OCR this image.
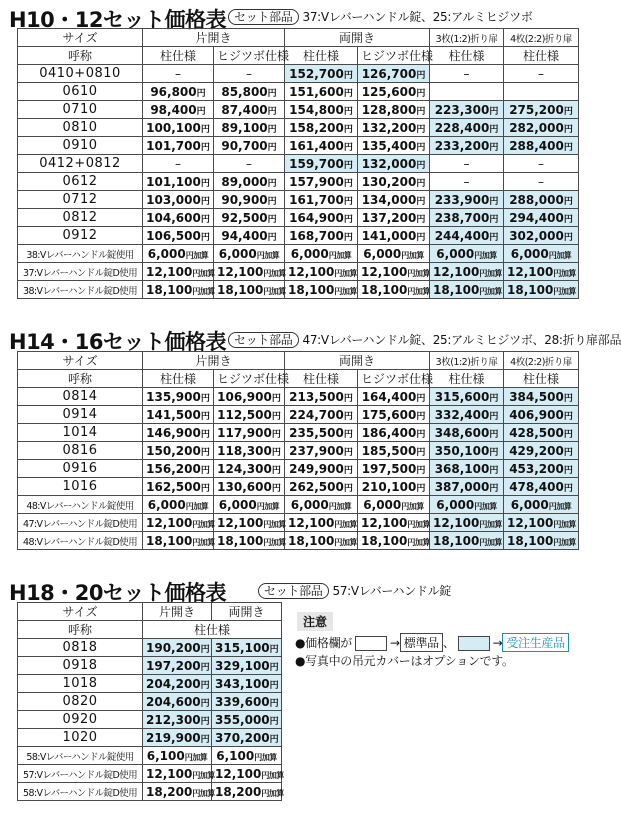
H10・12セット価格表 セット部品 37:Vレバーハンドル錠、25:アルミヒジツボ
サイズ	片開き		両開き		3枚(1:2)折り扉	4枚(2:2)折り扉
呼称	柱仕様	ヒジツボ仕様	柱仕様	ヒジツボ仕様	柱仕様	柱仕様
0410+0810	–	–	152,700円	126,700円	–	–
0610	96,800円	85,800円	151,600円	125,600円		
0710	98,400円	87,400円	154,800円	128,800円	223,300円	275,200円
0810	100,100円	89,100円	158,200円	132,200円	228,400円	282,000円
0910	101,700円	90,700円	161,400円	135,400円	233,200円	288,400円
0412+0812	–	–	159,700円	132,000円	–	–
0612	101,100円	89,000円	157,900円	130,200円	–	–
0712	103,000円	90,900円	161,700円	134,000円	233,900円	288,000円
0812	104,600円	92,500円	164,900円	137,200円	238,700円	294,400円
0912	106,500円	94,400円	168,700円	141,000円	244,400円	302,000円
38:Vレバーハンドル錠使用	6,000円加算	6,000円加算	6,000円加算	6,000円加算	6,000円加算	6,000円加算
37:Vレバーハンドル錠D使用	12,100円加算	12,100円加算	12,100円加算	12,100円加算	12,100円加算	12,100円加算
38:Vレバーハンドル錠D使用	18,100円加算	18,100円加算	18,100円加算	18,100円加算	18,100円加算	18,100円加算
H14・16セット価格表 セット部品 47:Vレバーハンドル錠、25:アルミヒジツボ、28:折り扉部品
サイズ	片開き		両開き		3枚(1:2)折り扉	4枚(2:2)折り扉
呼称	柱仕様	ヒジツボ仕様	柱仕様	ヒジツボ仕様	柱仕様	柱仕様
0814	135,900円	106,900円	213,500円	164,400円	315,600円	384,500円
0914	141,500円	112,500円	224,700円	175,600円	332,400円	406,900円
1014	146,900円	117,900円	235,500円	186,400円	348,600円	428,500円
0816	150,200円	118,300円	237,900円	185,500円	350,100円	429,200円
0916	156,200円	124,300円	249,900円	197,500円	368,100円	453,200円
1016	162,500円	130,600円	262,500円	210,100円	387,000円	478,400円
48:Vレバーハンドル錠使用	6,000円加算	6,000円加算	6,000円加算	6,000円加算	6,000円加算	6,000円加算
47:Vレバーハンドル錠D使用	12,100円加算	12,100円加算	12,100円加算	12,100円加算	12,100円加算	12,100円加算
48:Vレバーハンドル錠D使用	18,100円加算	18,100円加算	18,100円加算	18,100円加算	18,100円加算	18,100円加算
H18・20セット価格表	セット部品 57:Vレバーハンドル錠
サイズ	片開き	両開き
呼称	柱仕様	
0818	190,200円	315,100円
0918	197,200円	329,100円
1018	204,200円	343,100円
0820	204,600円	339,600円
0920	212,300円	355,000円
1020	219,900円	370,200円
58:Vレバーハンドル錠使用	6,100円加算	6,100円加算
57:Vレバーハンドル錠D使用	12,100円加算	12,100円加算
58:Vレバーハンドル錠D使用	18,200円加算	18,200円加算
注意
●価格欄が	→ 標準品 、	→ 受注生産品
●写真中の吊元カバーはオプションです。
